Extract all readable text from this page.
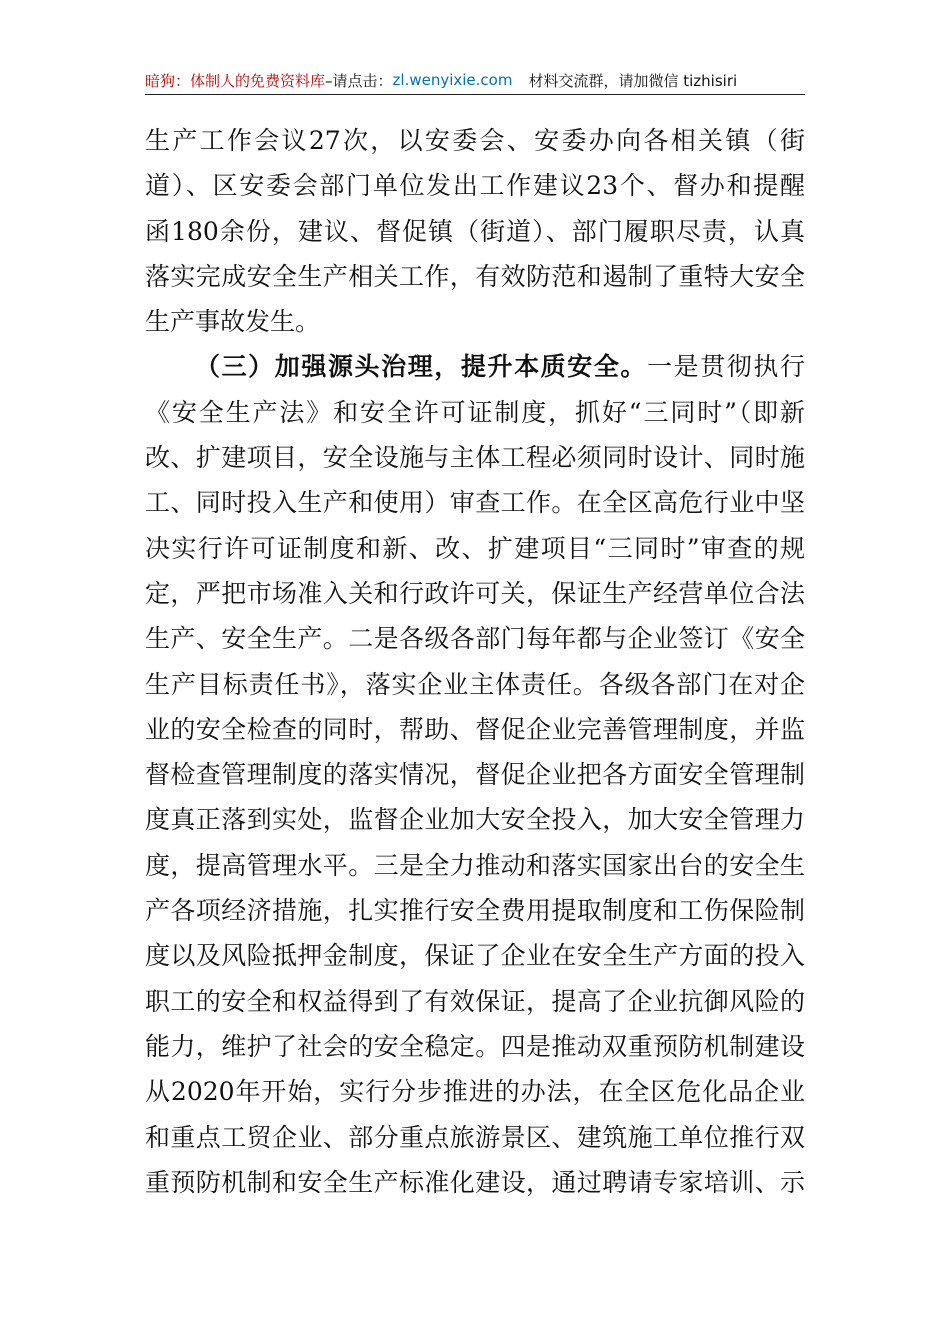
暗狗：体制人的免费资料库 –请点击： zl.wenyixie.com 材料交流群，请加微信 tizhisiri
生产工作会议27次，以安委会、安委办向各相关镇（街
道）、区安委会部门单位发出工作建议23个、督办和提醒
函180余份，建议、督促镇（街道）、部门履职尽责，认真
落实完成安全生产相关工作，有效防范和遏制了重特大安全
生产事故发生。
（三）加强源头治理，提升本质安全。一是贯彻执行
《安全生产法》和安全许可证制度，抓好“三同时”（即新
改、扩建项目，安全设施与主体工程必须同时设计、同时施
工、同时投入生产和使用）审查工作。在全区高危行业中坚
决实行许可证制度和新、改、扩建项目“三同时”审查的规
定，严把市场准入关和行政许可关，保证生产经营单位合法
生产、安全生产。二是各级各部门每年都与企业签订《安全
生产目标责任书》，落实企业主体责任。各级各部门在对企
业的安全检查的同时，帮助、督促企业完善管理制度，并监
督检查管理制度的落实情况，督促企业把各方面安全管理制
度真正落到实处，监督企业加大安全投入，加大安全管理力
度，提高管理水平。三是全力推动和落实国家出台的安全生
产各项经济措施，扎实推行安全费用提取制度和工伤保险制
度以及风险抵押金制度，保证了企业在安全生产方面的投入
职工的安全和权益得到了有效保证，提高了企业抗御风险的
能力，维护了社会的安全稳定。四是推动双重预防机制建设
从2020年开始，实行分步推进的办法，在全区危化品企业
和重点工贸企业、部分重点旅游景区、建筑施工单位推行双
重预防机制和安全生产标准化建设，通过聘请专家培训、示
